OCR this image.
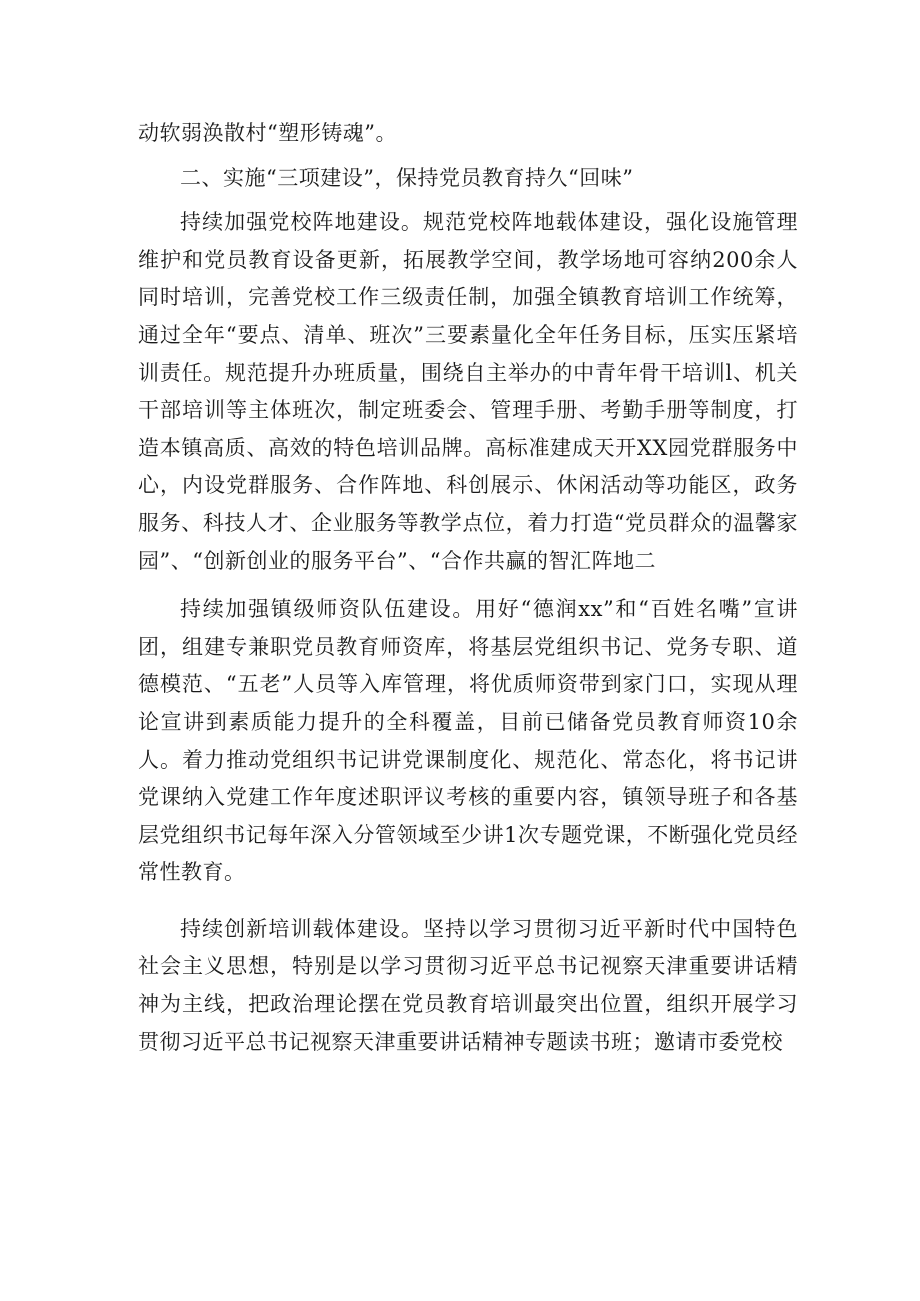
动软弱涣散村“塑形铸魂”。

二、实施“三项建设”，保持党员教育持久“回味”

持续加强党校阵地建设。规范党校阵地载体建设，强化设施管理维护和党员教育设备更新，拓展教学空间，教学场地可容纳200余人同时培训，完善党校工作三级责任制，加强全镇教育培训工作统筹，通过全年“要点、清单、班次”三要素量化全年任务目标，压实压紧培训责任。规范提升办班质量，围绕自主举办的中青年骨干培训l、机关干部培训等主体班次，制定班委会、管理手册、考勤手册等制度，打造本镇高质、高效的特色培训品牌。高标准建成天开XX园党群服务中心，内设党群服务、合作阵地、科创展示、休闲活动等功能区，政务服务、科技人才、企业服务等教学点位，着力打造“党员群众的温馨家园”、“创新创业的服务平台”、“合作共赢的智汇阵地二

持续加强镇级师资队伍建设。用好“德润xx”和“百姓名嘴”宣讲团，组建专兼职党员教育师资库，将基层党组织书记、党务专职、道德模范、“五老”人员等入库管理，将优质师资带到家门口，实现从理论宣讲到素质能力提升的全科覆盖，目前已储备党员教育师资10余人。着力推动党组织书记讲党课制度化、规范化、常态化，将书记讲党课纳入党建工作年度述职评议考核的重要内容，镇领导班子和各基层党组织书记每年深入分管领域至少讲1次专题党课，不断强化党员经常性教育。

持续创新培训载体建设。坚持以学习贯彻习近平新时代中国特色社会主义思想，特别是以学习贯彻习近平总书记视察天津重要讲话精神为主线，把政治理论摆在党员教育培训最突出位置，组织开展学习贯彻习近平总书记视察天津重要讲话精神专题读书班；邀请市委党校
